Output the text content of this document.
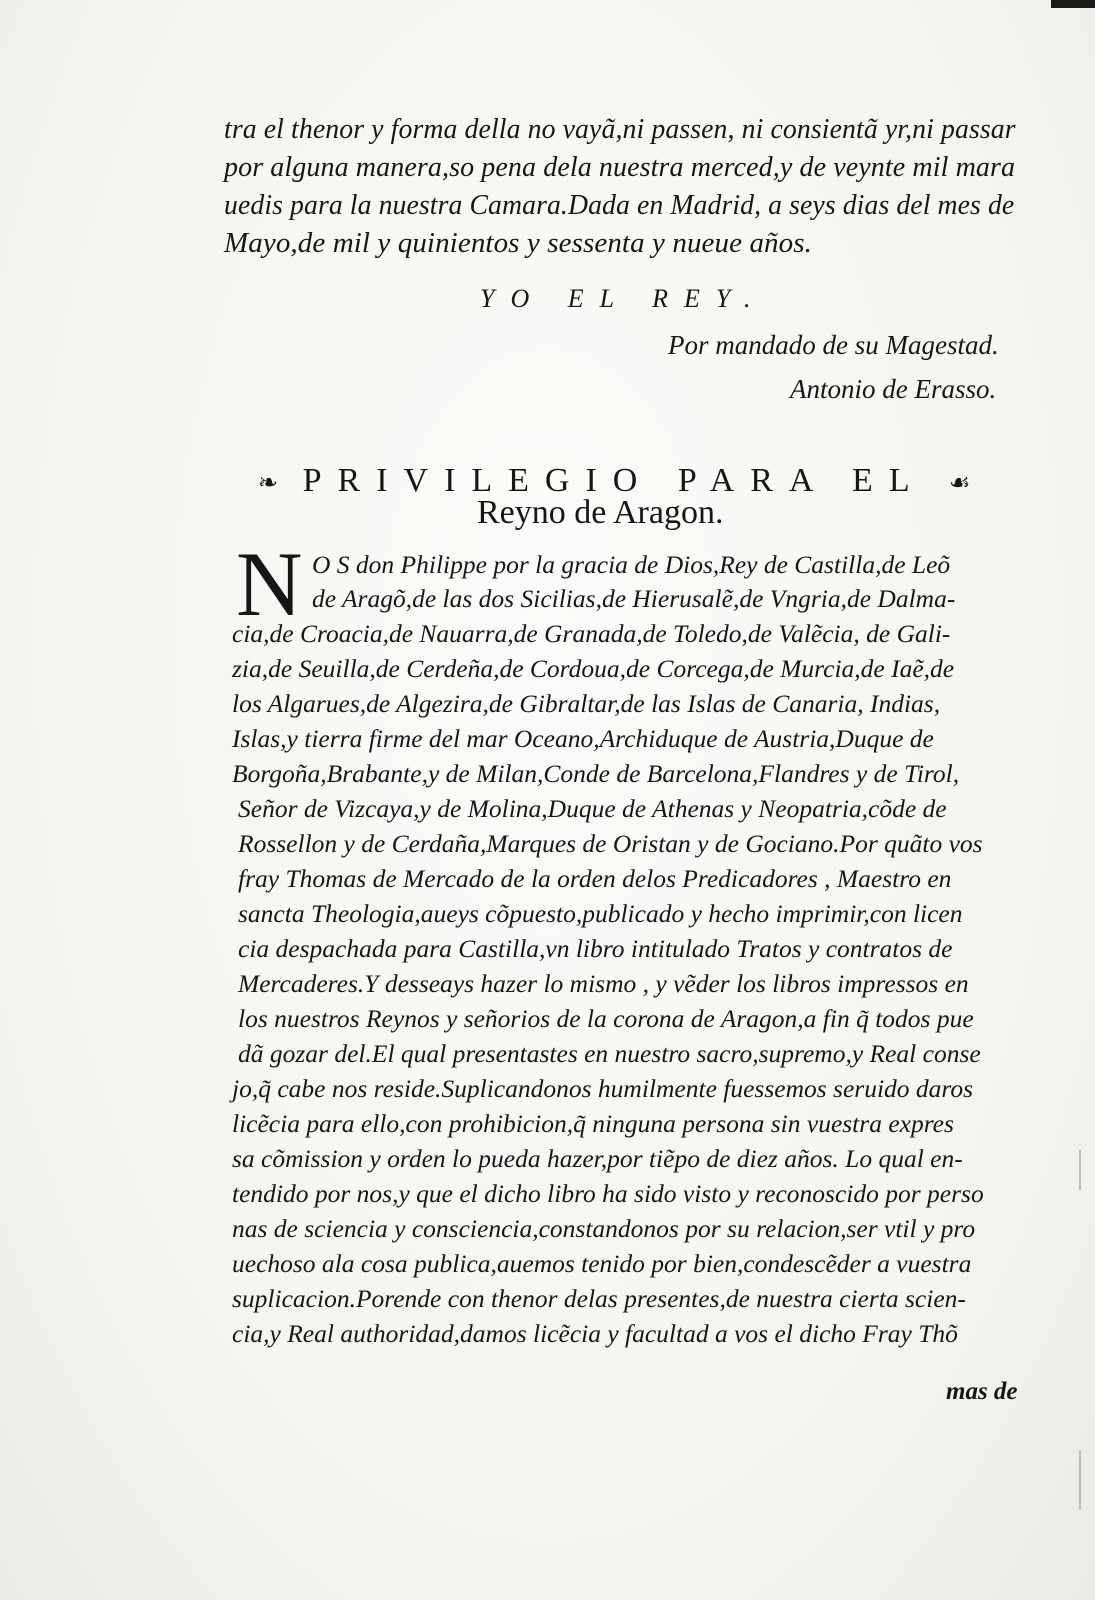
tra el thenor y forma della no vayã,ni passen, ni consientã yr,ni passar
por alguna manera,so pena dela nuestra merced,y de veynte mil mara
uedis para la nuestra Camara.Dada en Madrid, a seys dias del mes de
Mayo,de mil y quinientos y sessenta y nueue años.
YO EL REY.
Por mandado de su Magestad.
Antonio de Erasso.
❧ PRIVILEGIO PARA EL ☙
Reyno de Aragon.
N O S don Philippe por la gracia de Dios,Rey de Castilla,de Leõ
de Aragõ,de las dos Sicilias,de Hierusalẽ,de Vngria,de Dalma-
cia,de Croacia,de Nauarra,de Granada,de Toledo,de Valẽcia, de Gali-
zia,de Seuilla,de Cerdeña,de Cordoua,de Corcega,de Murcia,de Iaẽ,de
los Algarues,de Algezira,de Gibraltar,de las Islas de Canaria, Indias,
Islas,y tierra firme del mar Oceano,Archiduque de Austria,Duque de
Borgoña,Brabante,y de Milan,Conde de Barcelona,Flandres y de Tirol,
Señor de Vizcaya,y de Molina,Duque de Athenas y Neopatria,cõde de
Rossellon y de Cerdaña,Marques de Oristan y de Gociano.Por quãto vos
fray Thomas de Mercado de la orden delos Predicadores , Maestro en
sancta Theologia,aueys cõpuesto,publicado y hecho imprimir,con licen
cia despachada para Castilla,vn libro intitulado Tratos y contratos de
Mercaderes.Y desseays hazer lo mismo , y vẽder los libros impressos en
los nuestros Reynos y señorios de la corona de Aragon,a fin q̃ todos pue
dã gozar del.El qual presentastes en nuestro sacro,supremo,y Real conse
jo,q̃ cabe nos reside.Suplicandonos humilmente fuessemos seruido daros
licẽcia para ello,con prohibicion,q̃ ninguna persona sin vuestra expres
sa cõmission y orden lo pueda hazer,por tiẽpo de diez años. Lo qual en-
tendido por nos,y que el dicho libro ha sido visto y reconoscido por perso
nas de sciencia y consciencia,constandonos por su relacion,ser vtil y pro
uechoso ala cosa publica,auemos tenido por bien,condescẽder a vuestra
suplicacion.Porende con thenor delas presentes,de nuestra cierta scien-
cia,y Real authoridad,damos licẽcia y facultad a vos el dicho Fray Thõ
mas de
